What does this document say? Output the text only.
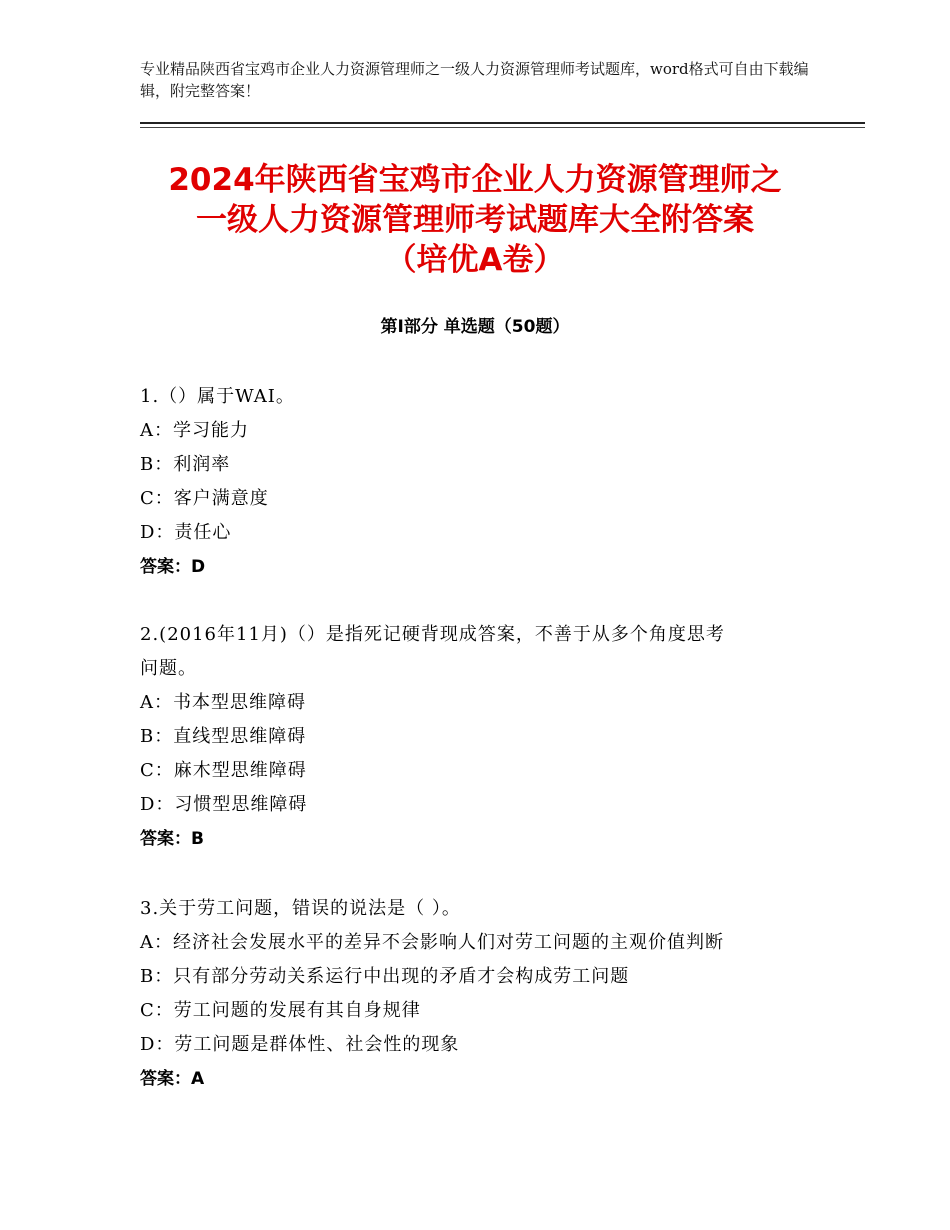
专业精品陕西省宝鸡市企业人力资源管理师之一级人力资源管理师考试题库，word格式可自由下载编辑，附完整答案！
2024年陕西省宝鸡市企业人力资源管理师之
一级人力资源管理师考试题库大全附答案
（培优A卷）
第Ⅰ部分 单选题（50题）
1.（）属于WAI。
A：学习能力
B：利润率
C：客户满意度
D：责任心
答案：D
2.(2016年11月)（）是指死记硬背现成答案，不善于从多个角度思考
问题。
A：书本型思维障碍
B：直线型思维障碍
C：麻木型思维障碍
D：习惯型思维障碍
答案：B
3.关于劳工问题，错误的说法是（ ）。
A：经济社会发展水平的差异不会影响人们对劳工问题的主观价值判断
B：只有部分劳动关系运行中出现的矛盾才会构成劳工问题
C：劳工问题的发展有其自身规律
D：劳工问题是群体性、社会性的现象
答案：A
